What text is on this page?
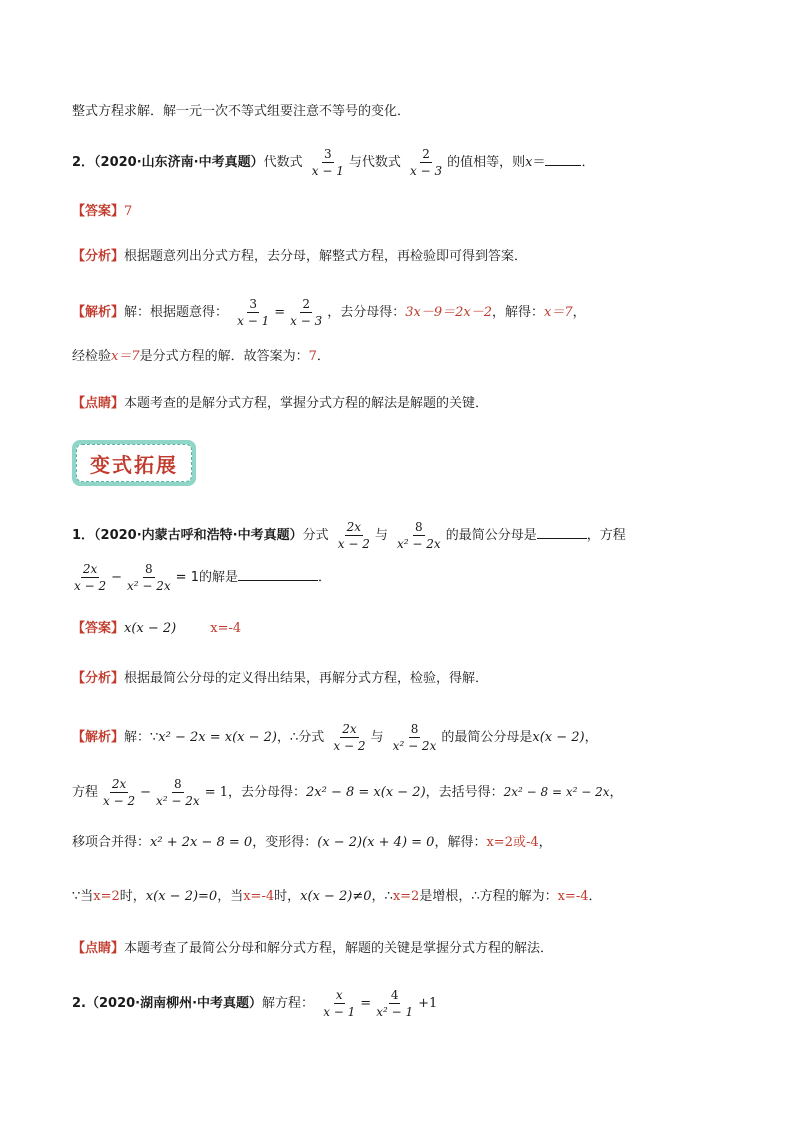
整式方程求解．解一元一次不等式组要注意不等号的变化．
2．（2020·山东济南·中考真题）代数式 $\frac{3}{x - 1}$ 与代数式 $\frac{2}{x - 3}$ 的值相等，则x＝	．
【答案】7
【分析】根据题意列出分式方程，去分母，解整式方程，再检验即可得到答案．
【解析】解：根据题意得： $\frac{3}{x - 1} = \frac{2}{x - 3}$ ，去分母得：3x－9＝2x－2，解得：x＝7，
经检验x＝7是分式方程的解．故答案为：7．
【点睛】本题考查的是解分式方程，掌握分式方程的解法是解题的关键．
变式拓展
1．（2020·内蒙古呼和浩特·中考真题）分式 $\frac{2x}{x - 2}$ 与 $\frac{8}{\text{x² − 2x}}$ 的最简公分母是	，方程
$\frac{2x}{x - 2} - \frac{8}{\text{x² − 2x}} = 1$的解是	．
【答案】x(x − 2)	x=-4
【分析】根据最简公分母的定义得出结果，再解分式方程，检验，得解．
【解析】解：∵x² − 2x = x(x − 2)，∴分式 $\frac{2x}{x - 2}$ 与 $\frac{8}{\text{x² − 2x}}$ 的最简公分母是x(x − 2)，
方程 $\frac{2x}{x - 2} - \frac{8}{\text{x² − 2x}} = 1$，去分母得：2x² − 8 = x(x − 2)，去括号得：2x² − 8 = x² − 2x，
移项合并得：x² + 2x − 8 = 0，变形得：(x − 2)(x + 4) = 0，解得：x=2或-4，
∵当x=2时，x(x − 2)=0，当x=-4时，x(x − 2)≠0，∴x=2是增根，∴方程的解为：x=-4．
【点睛】本题考查了最简公分母和解分式方程，解题的关键是掌握分式方程的解法．
2.（2020·湖南柳州·中考真题）解方程： $\frac{x}{x - 1} = \frac{4}{\text{x² − 1}} +1$
